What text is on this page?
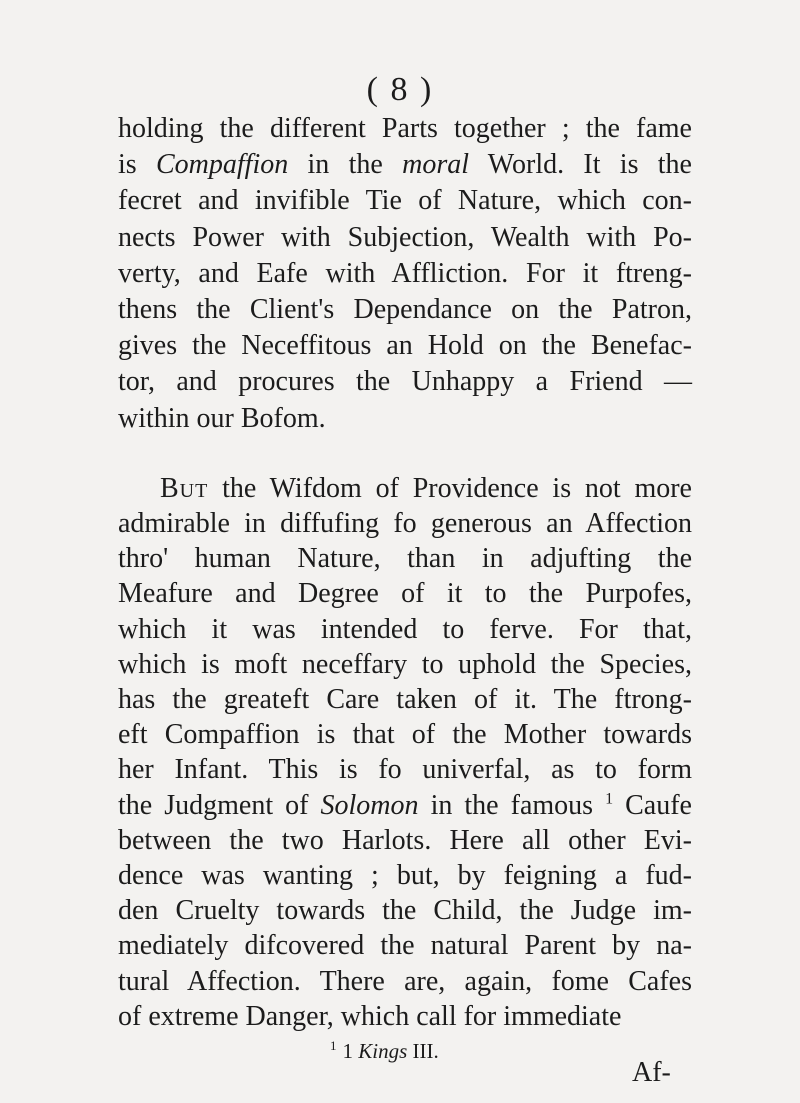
( 8 )
holding the different Parts together ; the fame
is Compaffion in the moral World. It is the
fecret and invifible Tie of Nature, which con-
nects Power with Subjection, Wealth with Po-
verty, and Eafe with Affliction. For it ftreng-
thens the Client's Dependance on the Patron,
gives the Neceffitous an Hold on the Benefac-
tor, and procures the Unhappy a Friend —
within our Bofom.
But the Wifdom of Providence is not more
admirable in diffufing fo generous an Affection
thro' human Nature, than in adjufting the
Meafure and Degree of it to the Purpofes,
which it was intended to ferve. For that,
which is moft neceffary to uphold the Species,
has the greateft Care taken of it. The ftrong-
eft Compaffion is that of the Mother towards
her Infant. This is fo univerfal, as to form
the Judgment of Solomon in the famous $^1$ Caufe
between the two Harlots. Here all other Evi-
dence was wanting ; but, by feigning a fud-
den Cruelty towards the Child, the Judge im-
mediately difcovered the natural Parent by na-
tural Affection. There are, again, fome Cafes
of extreme Danger, which call for immediate
$^1$ 1 Kings III.
Af-
